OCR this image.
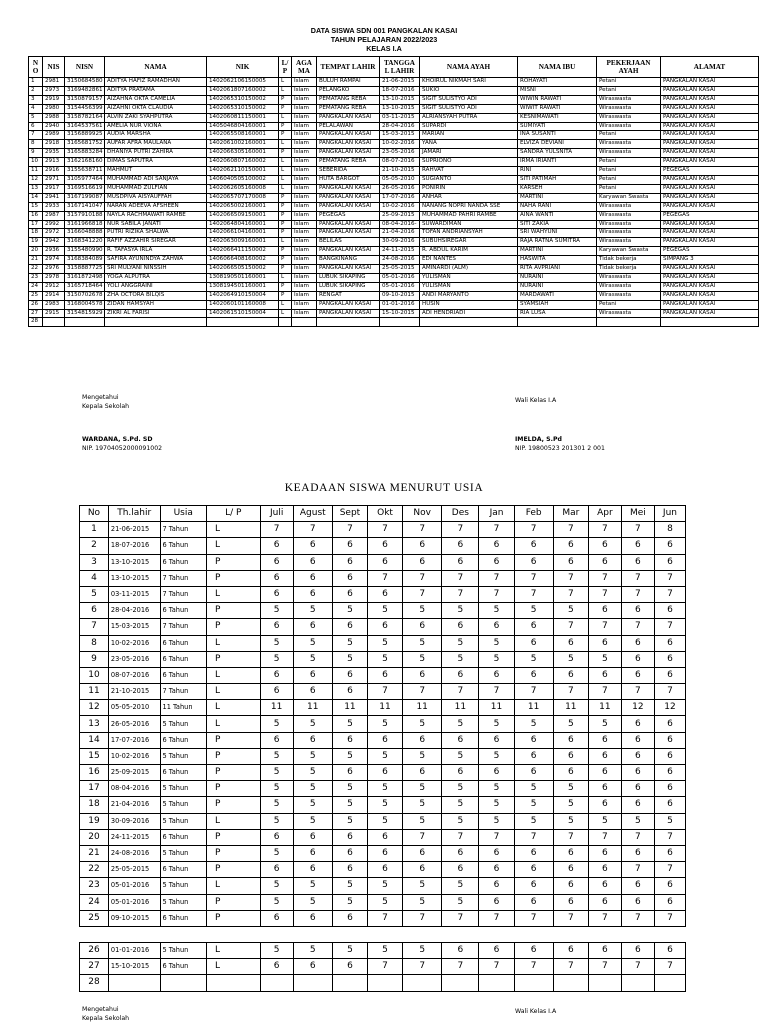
DATA SISWA SDN 001 PANGKALAN KASAI
TAHUN PELAJARAN 2022/2023
KELAS I.A
N O	NIS	NISN	NAMA	NIK	L/ P	AGA MA	TEMPAT LAHIR	TANGGA L LAHIR	NAMA AYAH	NAMA IBU	PEKERJAAN AYAH	ALAMAT
1	2981	3150684580	ADITYA HAFIZ RAMADHAN	1402062106150005	L	Islam	BULUH RAMPAI	21-06-2015	KHOIRUL NIKMAH SARI	ROHAYATI	Petani	PANGKALAN KASAI
2	2973	3169482861	ADITYA PRATAMA	1402061807160002	L	Islam	PELANGKO	18-07-2016	SUKIO	MISNI	Petani	PANGKALAN KASAI
3	2919	3150879157	AIZAHNA OKTA CAMELIA	1402065310150002	P	Islam	PEMATANG REBA	13-10-2015	SIGIT SULISTYO ADI	WIWIN RAWATI	Wiraswasta	PANGKALAN KASAI
4	2980	3154456399	AIZAHNI OKTA CLAUDIA	1402065310150002	P	Islam	PEMATANG REBA	13-10-2015	SIGIT SULISTYO ADI	WIWIT RAWATI	Wiraswasta	PANGKALAN KASAI
5	2988	3158782164	ALVIN ZAKI SYAHPUTRA	1402060811150001	L	Islam	PANGKALAN KASAI	03-11-2015	ALRIANSYAH PUTRA	KESNIMAWATI	Wiraswasta	PANGKALAN KASAI
6	2940	3164537561	AMELIA NUR VIONA	1405046804160001	P	Islam	PELALAWAN	28-04-2016	SUPARDI	SUMIYATI	Wiraswasta	PANGKALAN KASAI
7	2989	3156889925	AUDIA MARSHA	1402065508160001	P	Islam	PANGKALAN KASAI	15-03-2015	MARIAN	INA SUSANTI	Petani	PANGKALAN KASAI
8	2918	3165681752	AUFAR AFRA MAULANA	1402061002160001	L	Islam	PANGKALAN KASAI	10-02-2016	YANA	ELVIZA DEVIANI	Wiraswasta	PANGKALAN KASAI
9	2935	3165883284	DHANIYA PUTRI ZAHIRA	1402066305160001	P	Islam	PANGKALAN KASAI	23-05-2016	JAMARI	SANDRA YULSNITA	Wiraswasta	PANGKALAN KASAI
10	2913	3162168160	DIMAS SAPUTRA	1402060807160002	L	Islam	PEMATANG REBA	08-07-2016	SUPRIONO	IRMA IRIANTI	Petani	PANGKALAN KASAI
11	2916	3155638711	MAHMUT	1402062110150001	L	Islam	SEBERIDA	21-10-2015	RAHVAT	RINI	Petani	PEGEGAS
12	2971	3105977464	MUHAMMAD ADI SANJAYA	1406040505100002	L	Islam	HUTA BARGOT	05-05-2010	SUGIANTO	SITI PATIMAH	Petani	PANGKALAN KASAI
13	2917	3169516619	MUHAMMAD ZULFIAN	1402062605160008	L	Islam	PANGKALAN KASAI	26-05-2016	PONIRIN	KARSEH	Petani	PANGKALAN KASAI
14	2941	3167199087	MUSDPIVA AISYAUFFAH	1402065707170008	P	Islam	PANGKALAN KASAI	17-07-2016	ANHAR	MARTINI	Karyawan Swasta	PANGKALAN KASAI
15	2933	3167141047	NARAN ADEEVA AFSHEEN	1402065002160001	P	Islam	PANGKALAN KASAI	10-02-2016	NANANG NOPRI NANDA SSE	NAHA RANI	Wiraswasta	PANGKALAN KASAI
16	2987	3157910188	NAYLA RACHMAWATI RAMBE	1402066509150001	P	Islam	PEGEGAS	25-09-2015	MUHAMMAD PAHRI RAMBE	AINA WANTI	Wiraswasta	PEGEGAS
17	2992	3161966818	NUR SABILA JANATI	1402064804160001	P	Islam	PANGKALAN KASAI	08-04-2016-	SUWARDIMAN	SITI ZAKIA	Wiraswasta	PANGKALAN KASAI
18	2972	3166048888	PUTRI RIZIKA SHALWA	1402066104160001	P	Islam	PANGKALAN KASAI	21-04-2016	TOFAN ANDRIANSYAH	SRI WAHYUNI	Wiraswasta	PANGKALAN KASAI
19	2942	3168341220	RAFIF AZZAHIR SIREGAR	1402063009160001	L	Islam	BELILAS	30-09-2016	SUBUHSIREGAR	RAJA RATNA SUMITRA	Wiraswasta	PANGKALAN KASAI
20	2936	3155480990	R. TAFASYA IRLA	1402066411150002	P	Islam	PANGKALAN KASAI	24-11-2015	R. ABDUL KARIM	MARTINI	Karyawan Swasta	PEGEGAS
21	2974	3168384089	SAFIRA AYUNINDYA ZAHWA	1406066408160002	P	Islam	BANGKINANG	24-08-2016	EDI NANTES	HASWITA	Tidak bekerja	SIMPANG 3
22	2976	3158887725	SRI MULYANI NINSSIH	1402066505150002	P	Islam	PANGKALAN KASAI	25-05-2015	AMINARDI (ALM)	RITA AVPRIANI	Tidak bekerja	PANGKALAN KASAI
23	2978	3161872498	YOGA ALPUTRA	1308190501160001	L	Islam	LUBUK SIKAPING	05-01-2016	YULISMAN	NURAINI	Wiraswasta	PANGKALAN KASAI
24	2912	3165718464	YOLI ANGGRAINI	1308194501160001	P	Islam	LUBUK SIKAPING	05-01-2016	YULISMAN	NURAINI	Wiraswasta	PANGKALAN KASAI
25	2914	3150702678	ZHA OCTORA BILQIS	1402064910150004	P	Islam	RENGAT	09-10-2015	ANDI MARYANTO	MARDAWATI	Wiraswasta	PANGKALAN KASAI
26	2983	3168004578	ZIDAN HAMSYAH	1402060101160008	L	Islam	PANGKALAN KASAI	01-01-2016	HUSIN	SYAMSIAH	Petani	PANGKALAN KASAI
27	2915	3154815929	ZIKRI AL FARISI	1402061510150004	L	Islam	PANGKALAN KASAI	15-10-2015	ADI HENDRIADI	RIA LUSA	Wiraswasta	PANGKALAN KASAI
28												
Mengetahui
Kepala Sekolah
WARDANA, S.Pd. SD
NIP. 19704052000091002
Wali Kelas I.A
IMELDA, S.Pd
NIP. 19800523 201301 2 001
KEADAAN SISWA MENURUT USIA
No	Th.lahir	Usia	L/ P	Juli	Agust	Sept	Okt	Nov	Des	Jan	Feb	Mar	Apr	Mei	Jun
1	21-06-2015	7 Tahun	L	7	7	7	7	7	7	7	7	7	7	7	8
2	18-07-2016	6 Tahun	L	6	6	6	6	6	6	6	6	6	6	6	6
3	13-10-2015	6 Tahun	P	6	6	6	6	6	6	6	6	6	6	6	6
4	13-10-2015	7 Tahun	P	6	6	6	7	7	7	7	7	7	7	7	7
5	03-11-2015	7 Tahun	L	6	6	6	6	7	7	7	7	7	7	7	7
6	28-04-2016	6 Tahun	P	5	5	5	5	5	5	5	5	5	6	6	6
7	15-03-2015	7 Tahun	P	6	6	6	6	6	6	6	6	7	7	7	7
8	10-02-2016	6 Tahun	L	5	5	5	5	5	5	5	6	6	6	6	6
9	23-05-2016	6 Tahun	P	5	5	5	5	5	5	5	5	5	5	6	6
10	08-07-2016	6 Tahun	L	6	6	6	6	6	6	6	6	6	6	6	6
11	21-10-2015	7 Tahun	L	6	6	6	7	7	7	7	7	7	7	7	7
12	05-05-2010	11 Tahun	L	11	11	11	11	11	11	11	11	11	11	12	12
13	26-05-2016	5 Tahun	L	5	5	5	5	5	5	5	5	5	5	6	6
14	17-07-2016	6 Tahun	P	6	6	6	6	6	6	6	6	6	6	6	6
15	10-02-2016	5 Tahun	P	5	5	5	5	5	5	5	6	6	6	6	6
16	25-09-2015	6 Tahun	P	5	5	6	6	6	6	6	6	6	6	6	6
17	08-04-2016	5 Tahun	P	5	5	5	5	5	5	5	5	5	6	6	6
18	21-04-2016	5 Tahun	P	5	5	5	5	5	5	5	5	5	6	6	6
19	30-09-2016	5 Tahun	L	5	5	5	5	5	5	5	5	5	5	5	5
20	24-11-2015	6 Tahun	P	6	6	6	6	7	7	7	7	7	7	7	7
21	24-08-2016	5 Tahun	P	5	6	6	6	6	6	6	6	6	6	6	6
22	25-05-2015	6 Tahun	P	6	6	6	6	6	6	6	6	6	6	7	7
23	05-01-2016	5 Tahun	L	5	5	5	5	5	5	6	6	6	6	6	6
24	05-01-2016	5 Tahun	P	5	5	5	5	5	5	6	6	6	6	6	6
25	09-10-2015	6 Tahun	P	6	6	6	7	7	7	7	7	7	7	7	7
26	01-01-2016	5 Tahun	L	5	5	5	5	5	6	6	6	6	6	6	6
27	15-10-2015	6 Tahun	L	6	6	6	7	7	7	7	7	7	7	7	7
28															
Mengetahui
Kepala Sekolah
Wali Kelas I.A
